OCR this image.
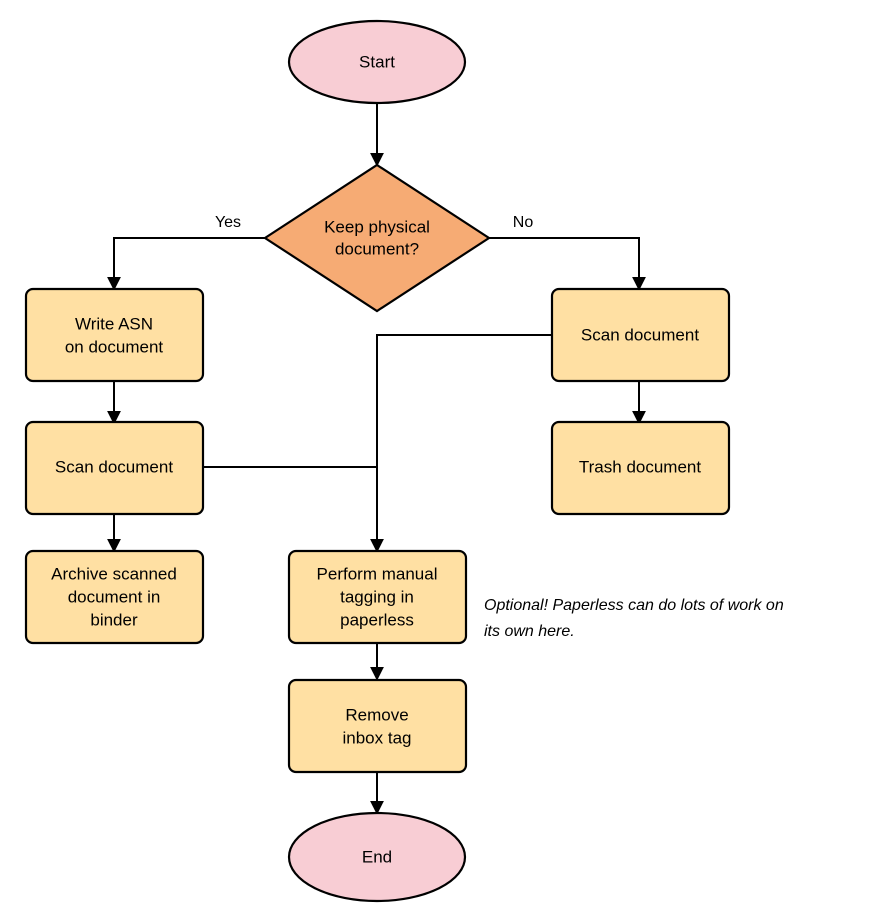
Start
Keep physical
document?
Yes	No
Write ASN
on document
Scan document
Archive scanned
document in
binder
Scan document
Trash document
Perform manual
tagging in
paperless
Remove
inbox tag
End
Optional! Paperless can do lots of work on
its own here.
